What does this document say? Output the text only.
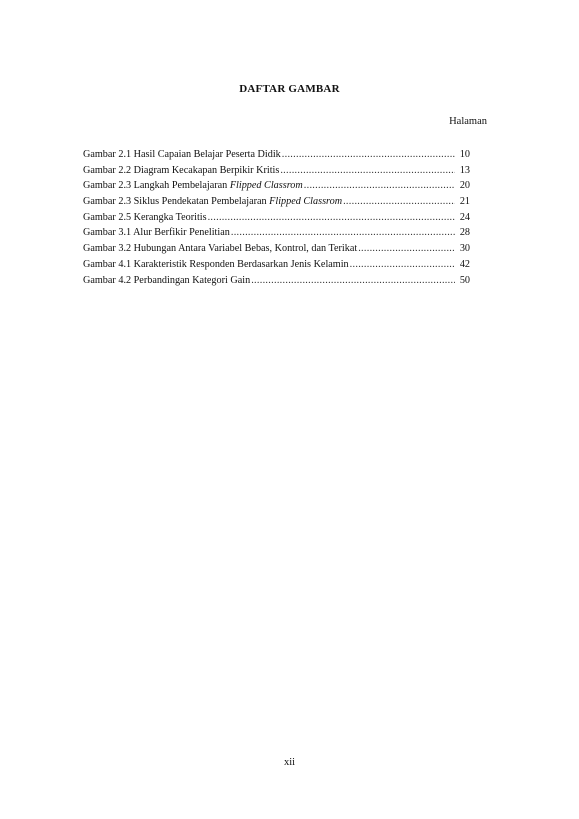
DAFTAR GAMBAR
Halaman
Gambar 2.1 Hasil Capaian Belajar Peserta Didik .....	10
Gambar 2.2 Diagram Kecakapan Berpikir Kritis .....	13
Gambar 2.3 Langkah Pembelajaran Flipped Classrom .....	20
Gambar 2.3 Siklus Pendekatan Pembelajaran Flipped Classrom .....	21
Gambar 2.5 Kerangka Teoritis .....	24
Gambar 3.1 Alur Berfikir Penelitian .....	28
Gambar 3.2 Hubungan Antara Variabel Bebas, Kontrol, dan Terikat .....	30
Gambar 4.1 Karakteristik Responden Berdasarkan Jenis Kelamin .....	42
Gambar 4.2 Perbandingan Kategori Gain .....	50
xii
